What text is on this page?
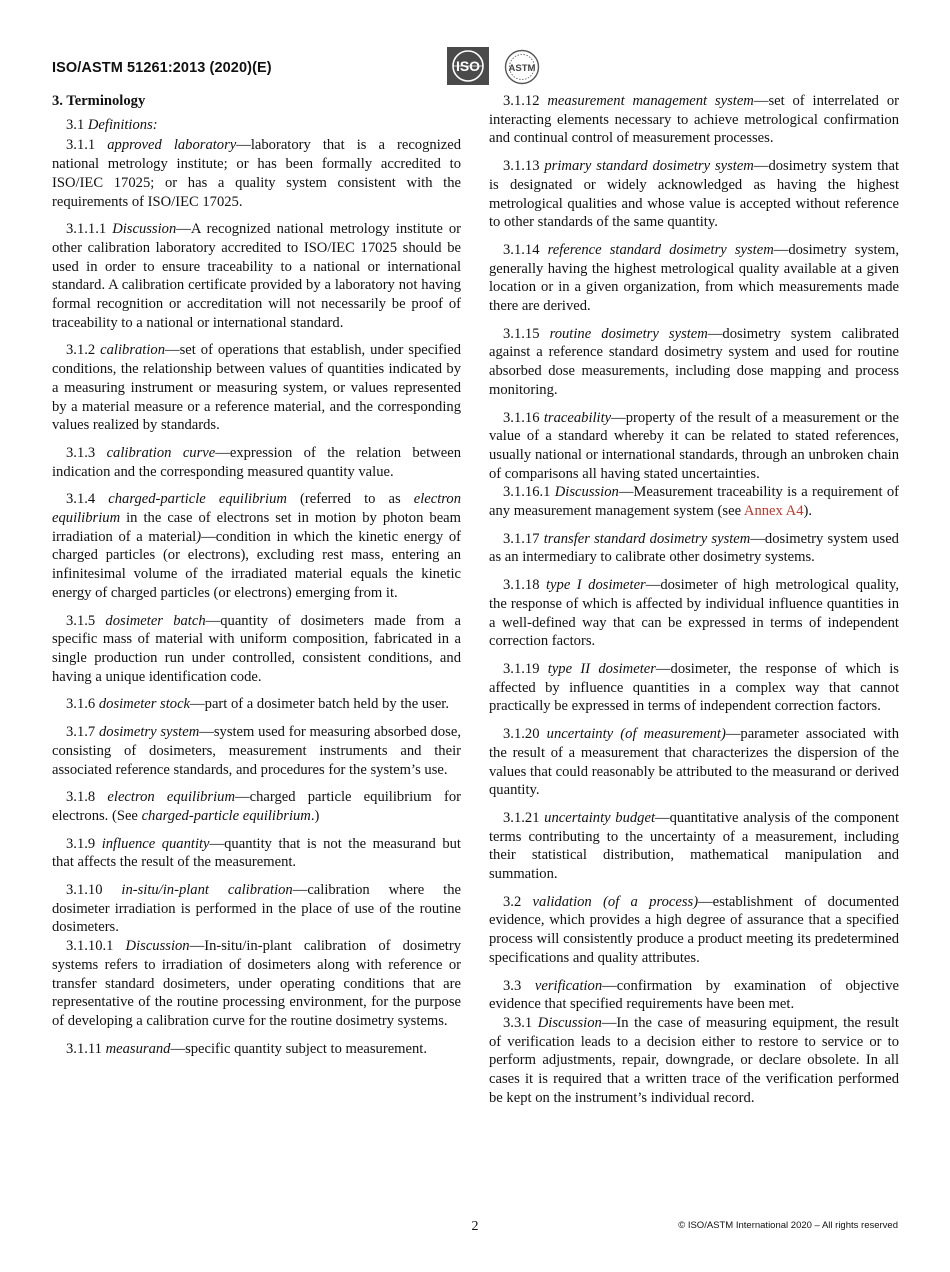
ISO/ASTM 51261:2013 (2020)(E)	ISO	ASTM

3. Terminology

3.1 Definitions:

3.1.1 approved laboratory—laboratory that is a recognized national metrology institute; or has been formally accredited to ISO/IEC 17025; or has a quality system consistent with the requirements of ISO/IEC 17025.

3.1.1.1 Discussion—A recognized national metrology institute or other calibration laboratory accredited to ISO/IEC 17025 should be used in order to ensure traceability to a national or international standard. A calibration certificate provided by a laboratory not having formal recognition or accreditation will not necessarily be proof of traceability to a national or international standard.

3.1.2 calibration—set of operations that establish, under specified conditions, the relationship between values of quantities indicated by a measuring instrument or measuring system, or values represented by a material measure or a reference material, and the corresponding values realized by standards.

3.1.3 calibration curve—expression of the relation between indication and the corresponding measured quantity value.

3.1.4 charged-particle equilibrium (referred to as electron equilibrium in the case of electrons set in motion by photon beam irradiation of a material)—condition in which the kinetic energy of charged particles (or electrons), excluding rest mass, entering an infinitesimal volume of the irradiated material equals the kinetic energy of charged particles (or electrons) emerging from it.

3.1.5 dosimeter batch—quantity of dosimeters made from a specific mass of material with uniform composition, fabricated in a single production run under controlled, consistent conditions, and having a unique identification code.

3.1.6 dosimeter stock—part of a dosimeter batch held by the user.

3.1.7 dosimetry system—system used for measuring absorbed dose, consisting of dosimeters, measurement instruments and their associated reference standards, and procedures for the system’s use.

3.1.8 electron equilibrium—charged particle equilibrium for electrons. (See charged-particle equilibrium.)

3.1.9 influence quantity—quantity that is not the measurand but that affects the result of the measurement.

3.1.10 in-situ/in-plant calibration—calibration where the dosimeter irradiation is performed in the place of use of the routine dosimeters.

3.1.10.1 Discussion—In-situ/in-plant calibration of dosimetry systems refers to irradiation of dosimeters along with reference or transfer standard dosimeters, under operating conditions that are representative of the routine processing environment, for the purpose of developing a calibration curve for the routine dosimetry systems.

3.1.11 measurand—specific quantity subject to measurement.

3.1.12 measurement management system—set of interrelated or interacting elements necessary to achieve metrological confirmation and continual control of measurement processes.

3.1.13 primary standard dosimetry system—dosimetry system that is designated or widely acknowledged as having the highest metrological qualities and whose value is accepted without reference to other standards of the same quantity.

3.1.14 reference standard dosimetry system—dosimetry system, generally having the highest metrological quality available at a given location or in a given organization, from which measurements made there are derived.

3.1.15 routine dosimetry system—dosimetry system calibrated against a reference standard dosimetry system and used for routine absorbed dose measurements, including dose mapping and process monitoring.

3.1.16 traceability—property of the result of a measurement or the value of a standard whereby it can be related to stated references, usually national or international standards, through an unbroken chain of comparisons all having stated uncertainties.

3.1.16.1 Discussion—Measurement traceability is a requirement of any measurement management system (see Annex A4).

3.1.17 transfer standard dosimetry system—dosimetry system used as an intermediary to calibrate other dosimetry systems.

3.1.18 type I dosimeter—dosimeter of high metrological quality, the response of which is affected by individual influence quantities in a well-defined way that can be expressed in terms of independent correction factors.

3.1.19 type II dosimeter—dosimeter, the response of which is affected by influence quantities in a complex way that cannot practically be expressed in terms of independent correction factors.

3.1.20 uncertainty (of measurement)—parameter associated with the result of a measurement that characterizes the dispersion of the values that could reasonably be attributed to the measurand or derived quantity.

3.1.21 uncertainty budget—quantitative analysis of the component terms contributing to the uncertainty of a measurement, including their statistical distribution, mathematical manipulation and summation.

3.2 validation (of a process)—establishment of documented evidence, which provides a high degree of assurance that a specified process will consistently produce a product meeting its predetermined specifications and quality attributes.

3.3 verification—confirmation by examination of objective evidence that specified requirements have been met.

3.3.1 Discussion—In the case of measuring equipment, the result of verification leads to a decision either to restore to service or to perform adjustments, repair, downgrade, or declare obsolete. In all cases it is required that a written trace of the verification performed be kept on the instrument’s individual record.

2	© ISO/ASTM International 2020 – All rights reserved
